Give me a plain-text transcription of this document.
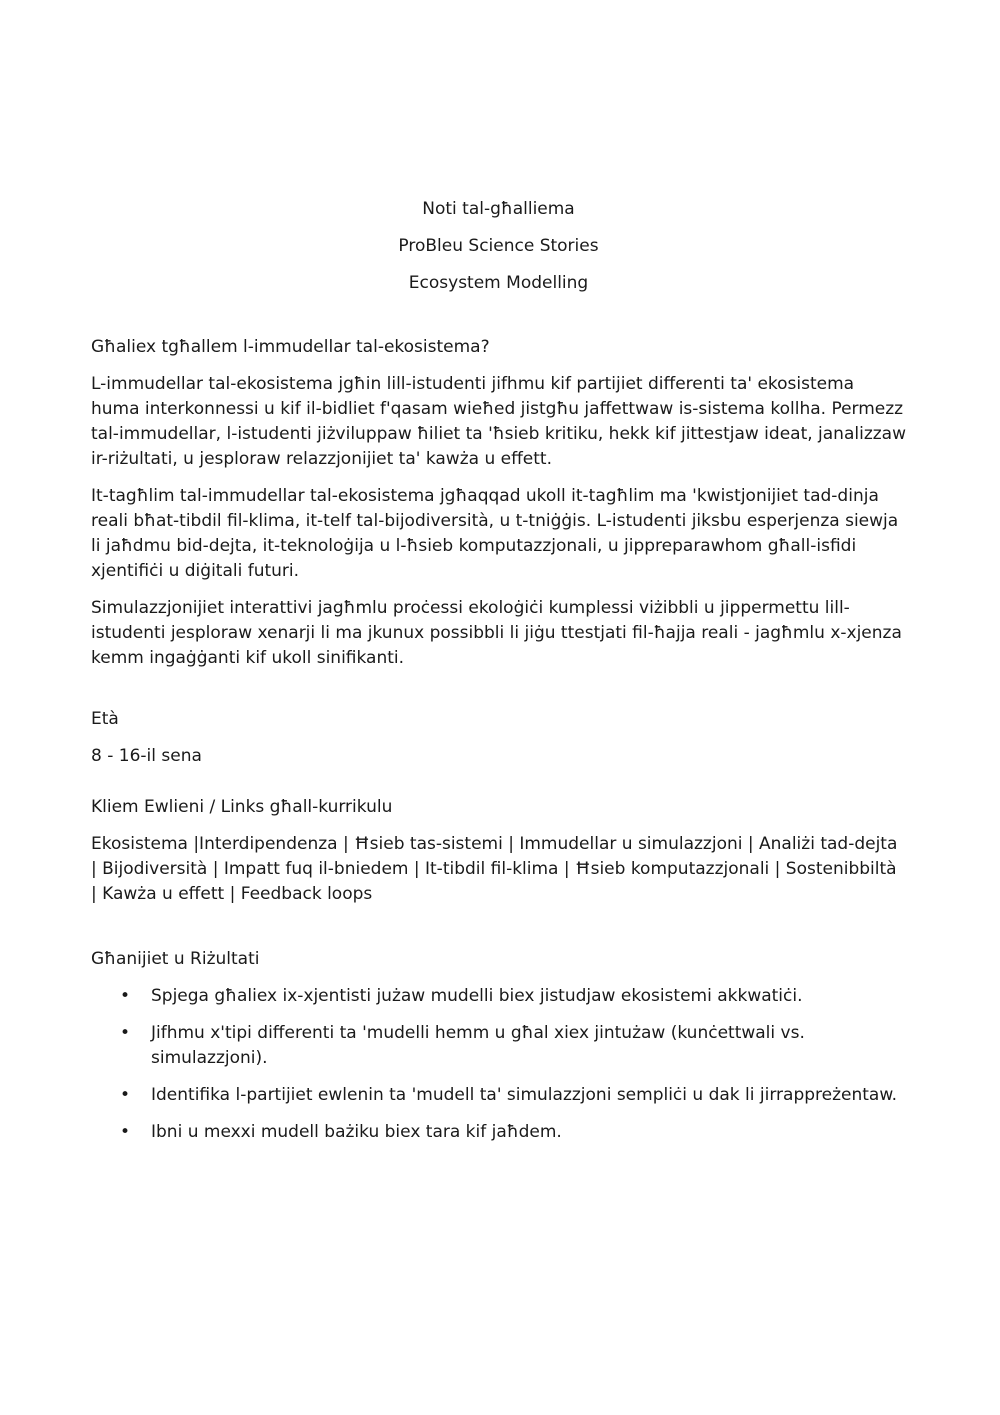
Noti tal-għalliema

ProBleu Science Stories

Ecosystem Modelling

Għaliex tgħallem l-immudellar tal-ekosistema?

L-immudellar tal-ekosistema jgħin lill-istudenti jifhmu kif partijiet differenti ta' ekosistema huma interkonnessi u kif il-bidliet f'qasam wieħed jistgħu jaffettwaw is-sistema kollha. Permezz tal-immudellar, l-istudenti jiżviluppaw ħiliet ta 'ħsieb kritiku, hekk kif jittestjaw ideat, janalizzaw ir-riżultati, u jesploraw relazzjonijiet ta' kawża u effett.

It-tagħlim tal-immudellar tal-ekosistema jgħaqqad ukoll it-tagħlim ma 'kwistjonijiet tad-dinja reali bħat-tibdil fil-klima, it-telf tal-bijodiversità, u t-tniġġis. L-istudenti jiksbu esperjenza siewja li jaħdmu bid-dejta, it-teknoloġija u l-ħsieb komputazzjonali, u jippreparawhom għall-isfidi xjentifiċi u diġitali futuri.

Simulazzjonijiet interattivi jagħmlu proċessi ekoloġiċi kumplessi viżibbli u jippermettu lill-istudenti jesploraw xenarji li ma jkunux possibbli li jiġu ttestjati fil-ħajja reali - jagħmlu x-xjenza kemm ingaġġanti kif ukoll sinifikanti.

Età

8 - 16-il sena

Kliem Ewlieni / Links għall-kurrikulu

Ekosistema |Interdipendenza | Ħsieb tas-sistemi | Immudellar u simulazzjoni | Analiżi tad-dejta | Bijodiversità | Impatt fuq il-bniedem | It-tibdil fil-klima | Ħsieb komputazzjonali | Sostenibbiltà | Kawża u effett | Feedback loops

Għanijiet u Riżultati

•	Spjega għaliex ix-xjentisti jużaw mudelli biex jistudjaw ekosistemi akkwatiċi.
•	Jifhmu x'tipi differenti ta 'mudelli hemm u għal xiex jintużaw (kunċettwali vs. simulazzjoni).
•	Identifika l-partijiet ewlenin ta 'mudell ta' simulazzjoni sempliċi u dak li jirrappreżentaw.
•	Ibni u mexxi mudell bażiku biex tara kif jaħdem.
